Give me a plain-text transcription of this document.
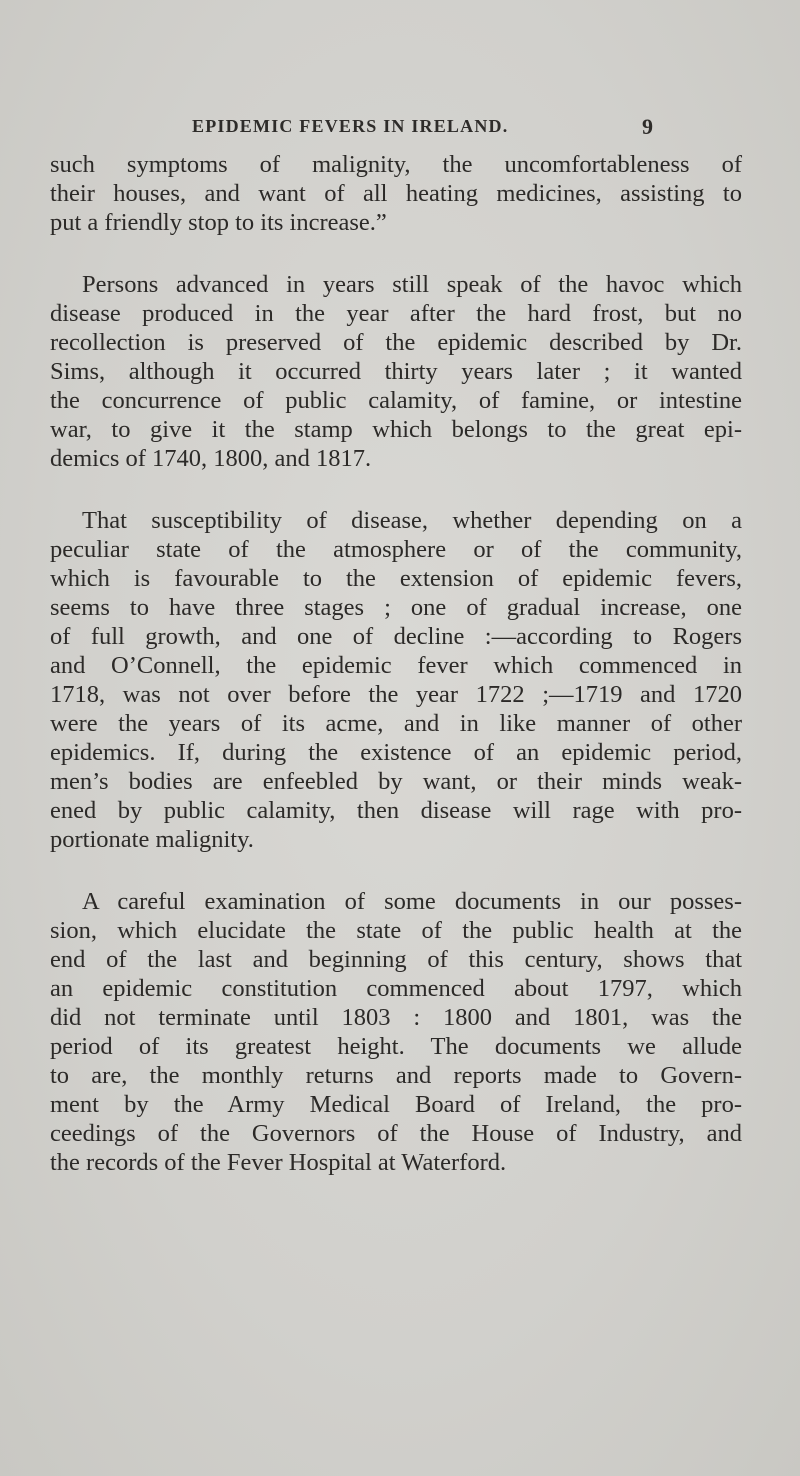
EPIDEMIC FEVERS IN IRELAND.	9

such symptoms of malignity, the uncomfortableness of
their houses, and want of all heating medicines, assisting to
put a friendly stop to its increase.”

Persons advanced in years still speak of the havoc which
disease produced in the year after the hard frost, but no
recollection is preserved of the epidemic described by Dr.
Sims, although it occurred thirty years later ; it wanted
the concurrence of public calamity, of famine, or intestine
war, to give it the stamp which belongs to the great epi-
demics of 1740, 1800, and 1817.

That susceptibility of disease, whether depending on a
peculiar state of the atmosphere or of the community,
which is favourable to the extension of epidemic fevers,
seems to have three stages ; one of gradual increase, one
of full growth, and one of decline :—according to Rogers
and O’Connell, the epidemic fever which commenced in
1718, was not over before the year 1722 ;—1719 and 1720
were the years of its acme, and in like manner of other
epidemics. If, during the existence of an epidemic period,
men’s bodies are enfeebled by want, or their minds weak-
ened by public calamity, then disease will rage with pro-
portionate malignity.

A careful examination of some documents in our posses-
sion, which elucidate the state of the public health at the
end of the last and beginning of this century, shows that
an epidemic constitution commenced about 1797, which
did not terminate until 1803 : 1800 and 1801, was the
period of its greatest height. The documents we allude
to are, the monthly returns and reports made to Govern-
ment by the Army Medical Board of Ireland, the pro-
ceedings of the Governors of the House of Industry, and
the records of the Fever Hospital at Waterford.
